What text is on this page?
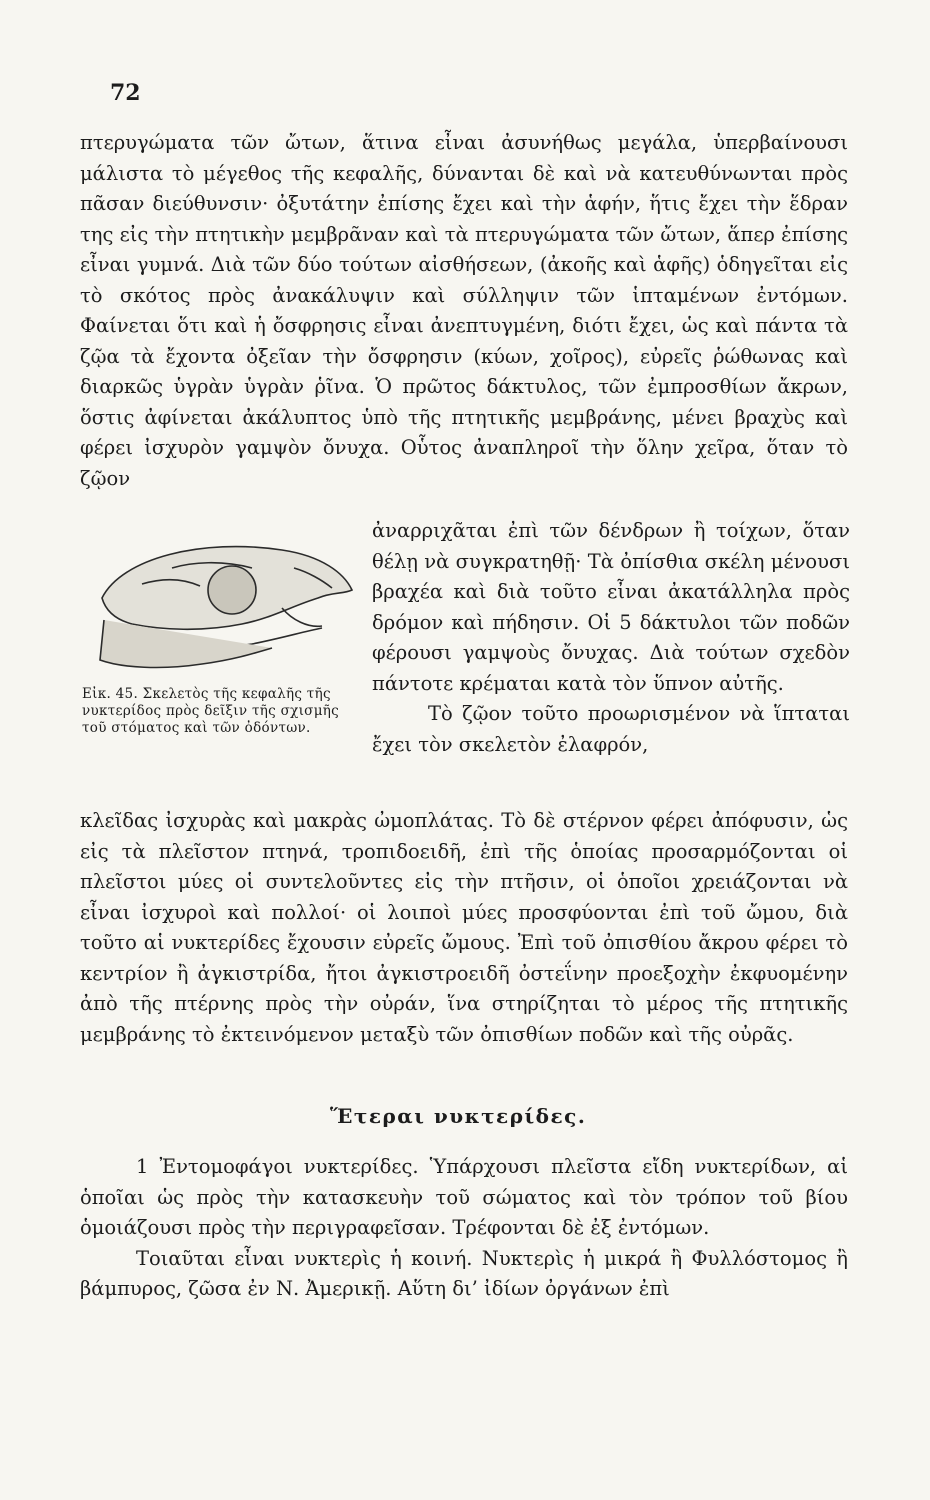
72

πτερυγώματα τῶν ὤτων, ἅτινα εἶναι ἀσυνήθως μεγάλα, ὑπερβαίνουσι μάλιστα τὸ μέγεθος τῆς κεφαλῆς, δύνανται δὲ καὶ νὰ κατευθύνωνται πρὸς πᾶσαν διεύθυνσιν· ὀξυτάτην ἐπίσης ἔχει καὶ τὴν ἁφήν, ἥτις ἔχει τὴν ἕδραν της εἰς τὴν πτητικὴν μεμβρᾶναν καὶ τὰ πτερυγώματα τῶν ὤτων, ἅπερ ἐπίσης εἶναι γυμνά. Διὰ τῶν δύο τούτων αἰσθήσεων, (ἀκοῆς καὶ ἁφῆς) ὁδηγεῖται εἰς τὸ σκότος πρὸς ἀνακάλυψιν καὶ σύλληψιν τῶν ἱπταμένων ἐντόμων. Φαίνεται ὅτι καὶ ἡ ὄσφρησις εἶναι ἀνεπτυγμένη, διότι ἔχει, ὡς καὶ πάντα τὰ ζῷα τὰ ἔχοντα ὀξεῖαν τὴν ὄσφρησιν (κύων, χοῖρος), εὐρεῖς ῥώθωνας καὶ διαρκῶς ὑγρὰν ὑγρὰν ῥῖνα. Ὁ πρῶτος δάκτυλος, τῶν ἐμπροσθίων ἄκρων, ὅστις ἀφίνεται ἀκάλυπτος ὑπὸ τῆς πτητικῆς μεμβράνης, μένει βραχὺς καὶ φέρει ἰσχυρὸν γαμψὸν ὄνυχα. Οὗτος ἀναπληροῖ τὴν ὅλην χεῖρα, ὅταν τὸ ζῷον

Εἰκ. 45. Σκελετὸς τῆς κεφαλῆς τῆς νυκτερίδος πρὸς δεῖξιν τῆς σχισμῆς τοῦ στόματος καὶ τῶν ὀδόντων.

ἀναρριχᾶται ἐπὶ τῶν δένδρων ἢ τοίχων, ὅταν θέλῃ νὰ συγκρατηθῇ· Τὰ ὀπίσθια σκέλη μένουσι βραχέα καὶ διὰ τοῦτο εἶναι ἀκατάλληλα πρὸς δρόμον καὶ πήδησιν. Οἱ 5 δάκτυλοι τῶν ποδῶν φέρουσι γαμψοὺς ὄνυχας. Διὰ τούτων σχεδὸν πάντοτε κρέμαται κατὰ τὸν ὕπνον αὐτῆς.

Τὸ ζῷον τοῦτο προωρισμένον νὰ ἵπταται ἔχει τὸν σκελετὸν ἐλαφρόν,

κλεῖδας ἰσχυρὰς καὶ μακρὰς ὠμοπλάτας. Τὸ δὲ στέρνον φέρει ἀπόφυσιν, ὡς εἰς τὰ πλεῖστον πτηνά, τροπιδοειδῆ, ἐπὶ τῆς ὁποίας προσαρμόζονται οἱ πλεῖστοι μύες οἱ συντελοῦντες εἰς τὴν πτῆσιν, οἱ ὁποῖοι χρειάζονται νὰ εἶναι ἰσχυροὶ καὶ πολλοί· οἱ λοιποὶ μύες προσφύονται ἐπὶ τοῦ ὤμου, διὰ τοῦτο αἱ νυκτερίδες ἔχουσιν εὐρεῖς ὤμους. Ἐπὶ τοῦ ὀπισθίου ἄκρου φέρει τὸ κεντρίον ἢ ἀγκιστρίδα, ἤτοι ἀγκιστροειδῆ ὀστεΐνην προεξοχὴν ἐκφυομένην ἀπὸ τῆς πτέρνης πρὸς τὴν οὐράν, ἵνα στηρίζηται τὸ μέρος τῆς πτητικῆς μεμβράνης τὸ ἐκτεινόμενον μεταξὺ τῶν ὀπισθίων ποδῶν καὶ τῆς οὐρᾶς.

Ἕτεραι νυκτερίδες.

1 Ἐντομοφάγοι νυκτερίδες. Ὑπάρχουσι πλεῖστα εἴδη νυκτερίδων, αἱ ὁποῖαι ὡς πρὸς τὴν κατασκευὴν τοῦ σώματος καὶ τὸν τρόπον τοῦ βίου ὁμοιάζουσι πρὸς τὴν περιγραφεῖσαν. Τρέφονται δὲ ἐξ ἐντόμων.

Τοιαῦται εἶναι νυκτερὶς ἡ κοινή. Νυκτερὶς ἡ μικρά ἢ Φυλλόστομος ἢ βάμπυρος, ζῶσα ἐν Ν. Ἀμερικῇ. Αὕτη δι’ ἰδίων ὀργάνων ἐπὶ
